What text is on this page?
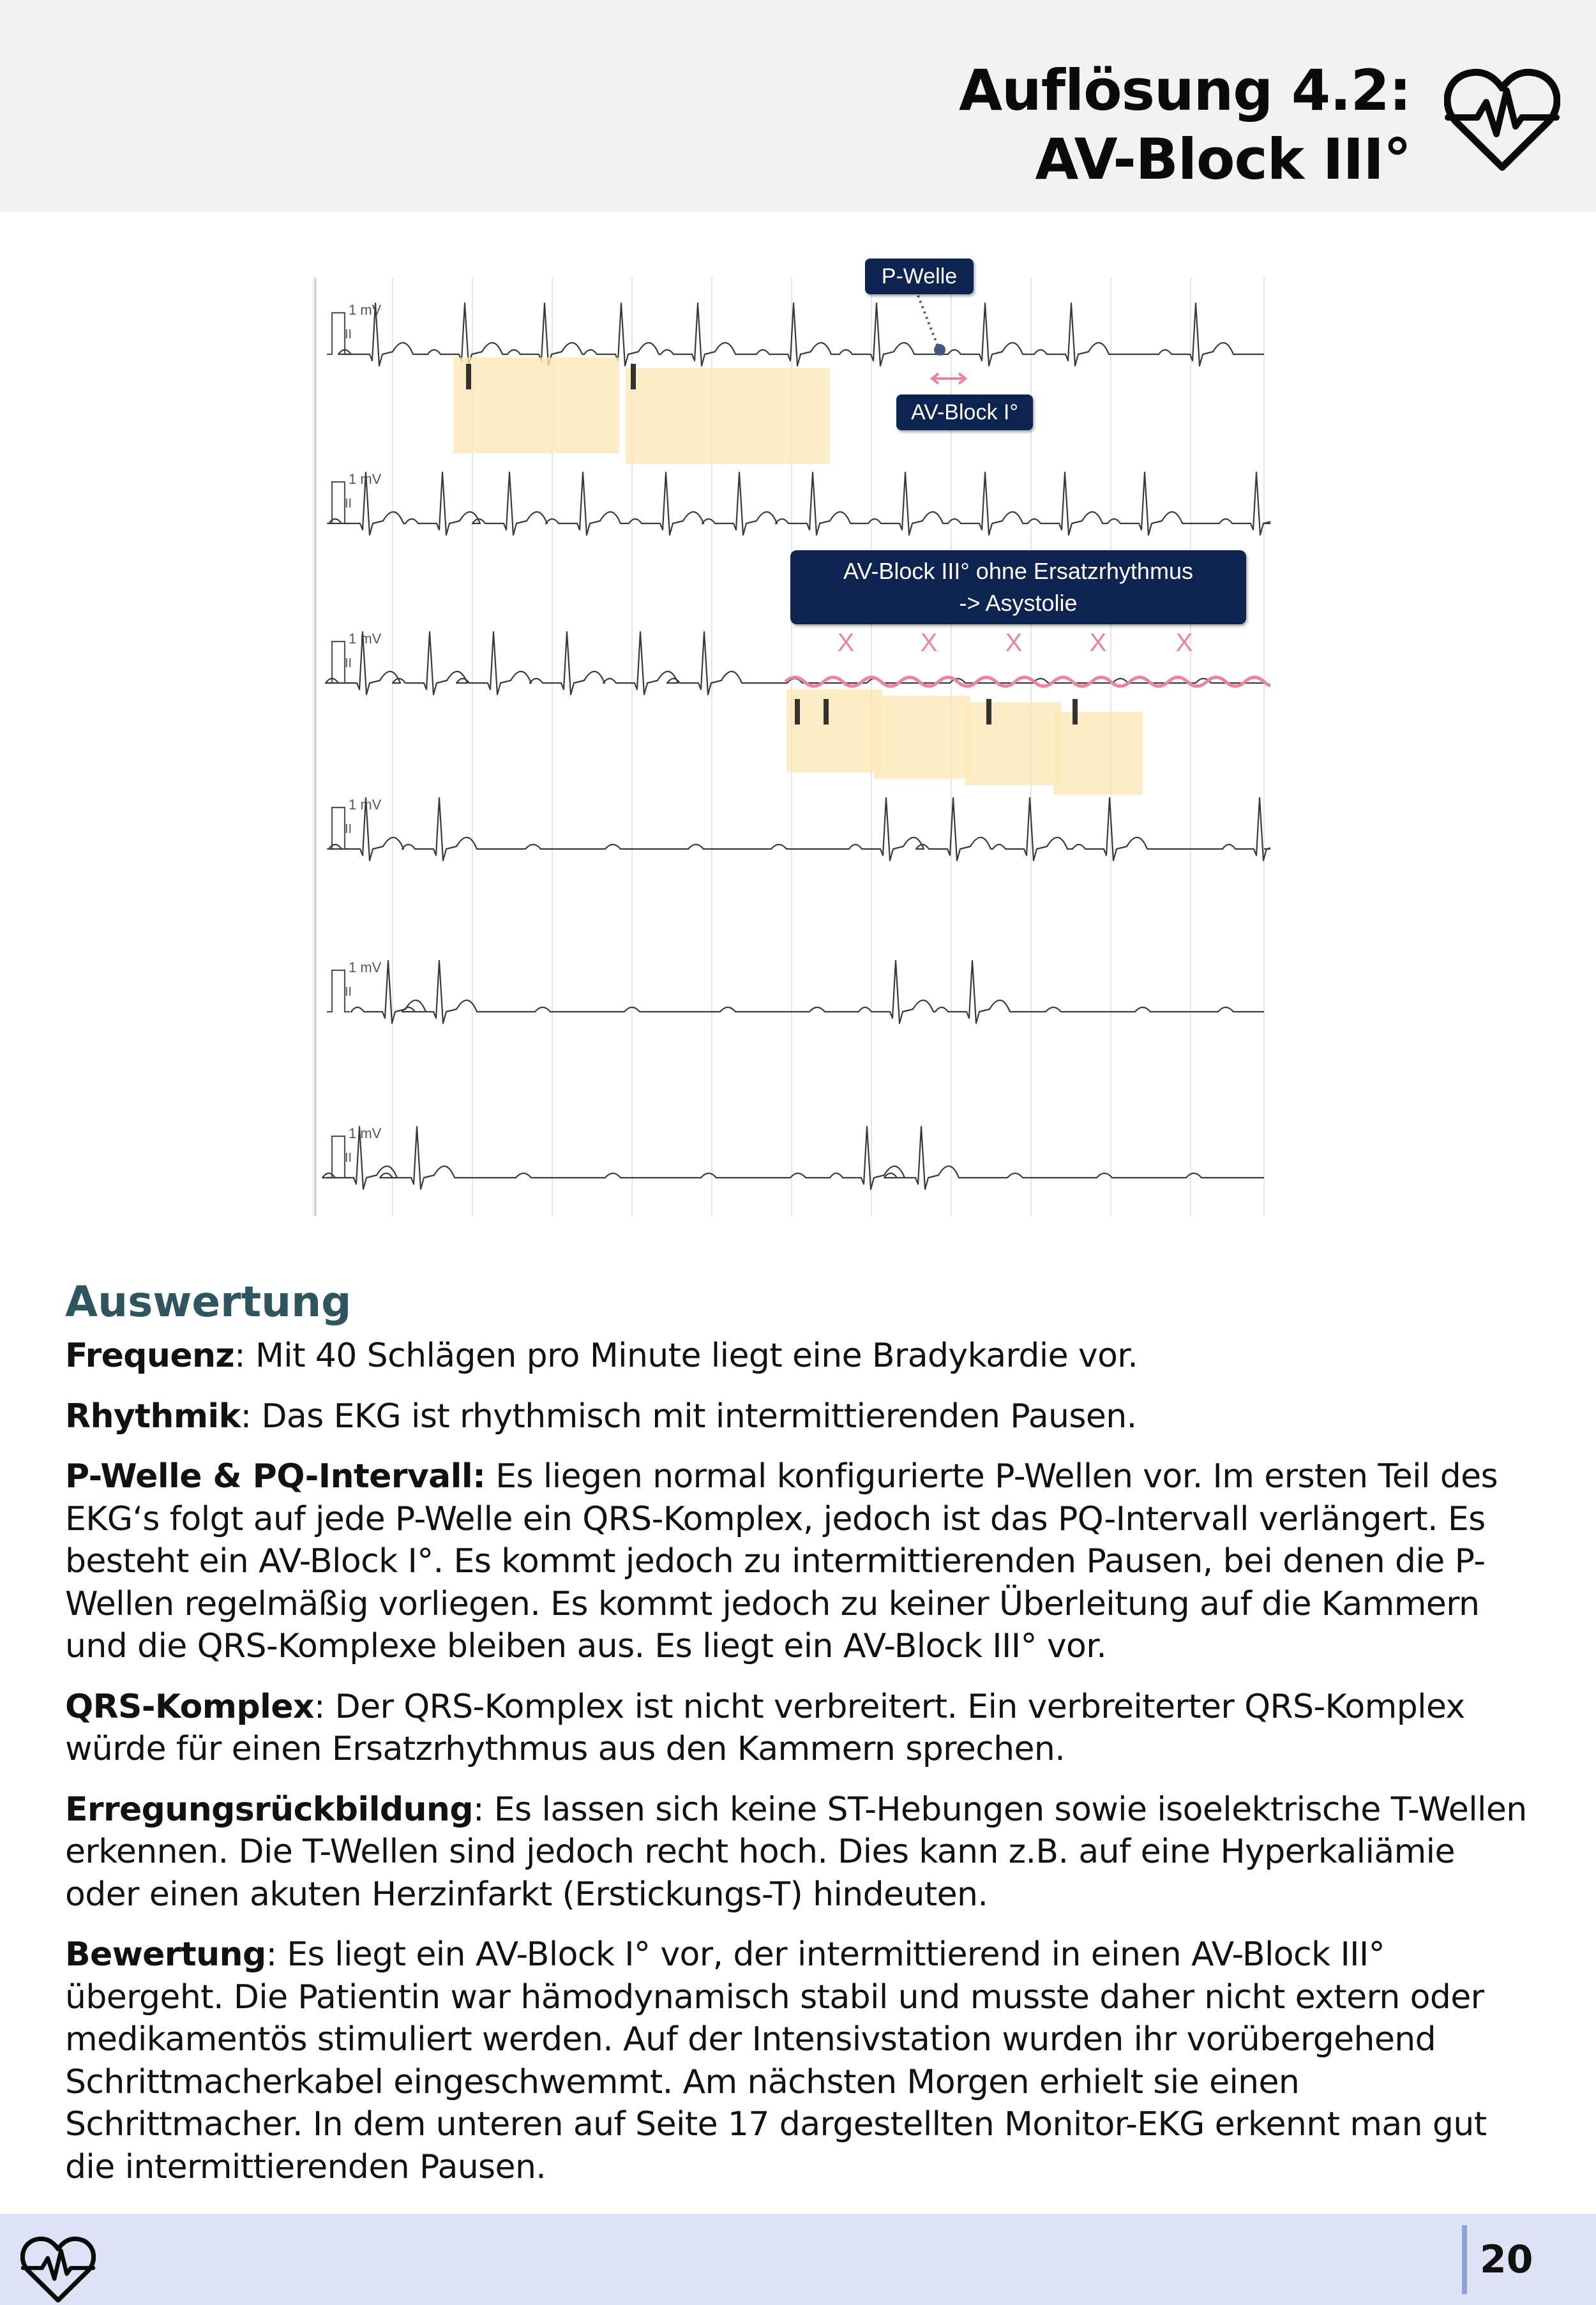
Auflösung 4.2:
AV-Block III°
1 mV
II
1 mV
II
1 mV
II
1 mV
II
1 mV
II
1 mV
II
X	X	X	X	X
P-Welle
AV-Block I°
AV-Block III° ohne Ersatzrhythmus
-> Asystolie
Auswertung

Frequenz: Mit 40 Schlägen pro Minute liegt eine Bradykardie vor.

Rhythmik: Das EKG ist rhythmisch mit intermittierenden Pausen.

P-Welle & PQ-Intervall: Es liegen normal konfigurierte P-Wellen vor. Im ersten Teil des EKG‘s folgt auf jede P-Welle ein QRS-Komplex, jedoch ist das PQ-Intervall verlängert. Es besteht ein AV-Block I°. Es kommt jedoch zu intermittierenden Pausen, bei denen die P-Wellen regelmäßig vorliegen. Es kommt jedoch zu keiner Überleitung auf die Kammern und die QRS-Komplexe bleiben aus. Es liegt ein AV-Block III° vor.

QRS-Komplex: Der QRS-Komplex ist nicht verbreitert. Ein verbreiterter QRS-Komplex würde für einen Ersatzrhythmus aus den Kammern sprechen.

Erregungsrückbildung: Es lassen sich keine ST-Hebungen sowie isoelektrische T-Wellen erkennen. Die T-Wellen sind jedoch recht hoch. Dies kann z.B. auf eine Hyperkaliämie oder einen akuten Herzinfarkt (Erstickungs-T) hindeuten.

Bewertung: Es liegt ein AV-Block I° vor, der intermittierend in einen AV-Block III° übergeht. Die Patientin war hämodynamisch stabil und musste daher nicht extern oder medikamentös stimuliert werden. Auf der Intensivstation wurden ihr vorübergehend Schrittmacherkabel eingeschwemmt. Am nächsten Morgen erhielt sie einen Schrittmacher. In dem unteren auf Seite 17 dargestellten Monitor-EKG erkennt man gut die intermittierenden Pausen.

20
